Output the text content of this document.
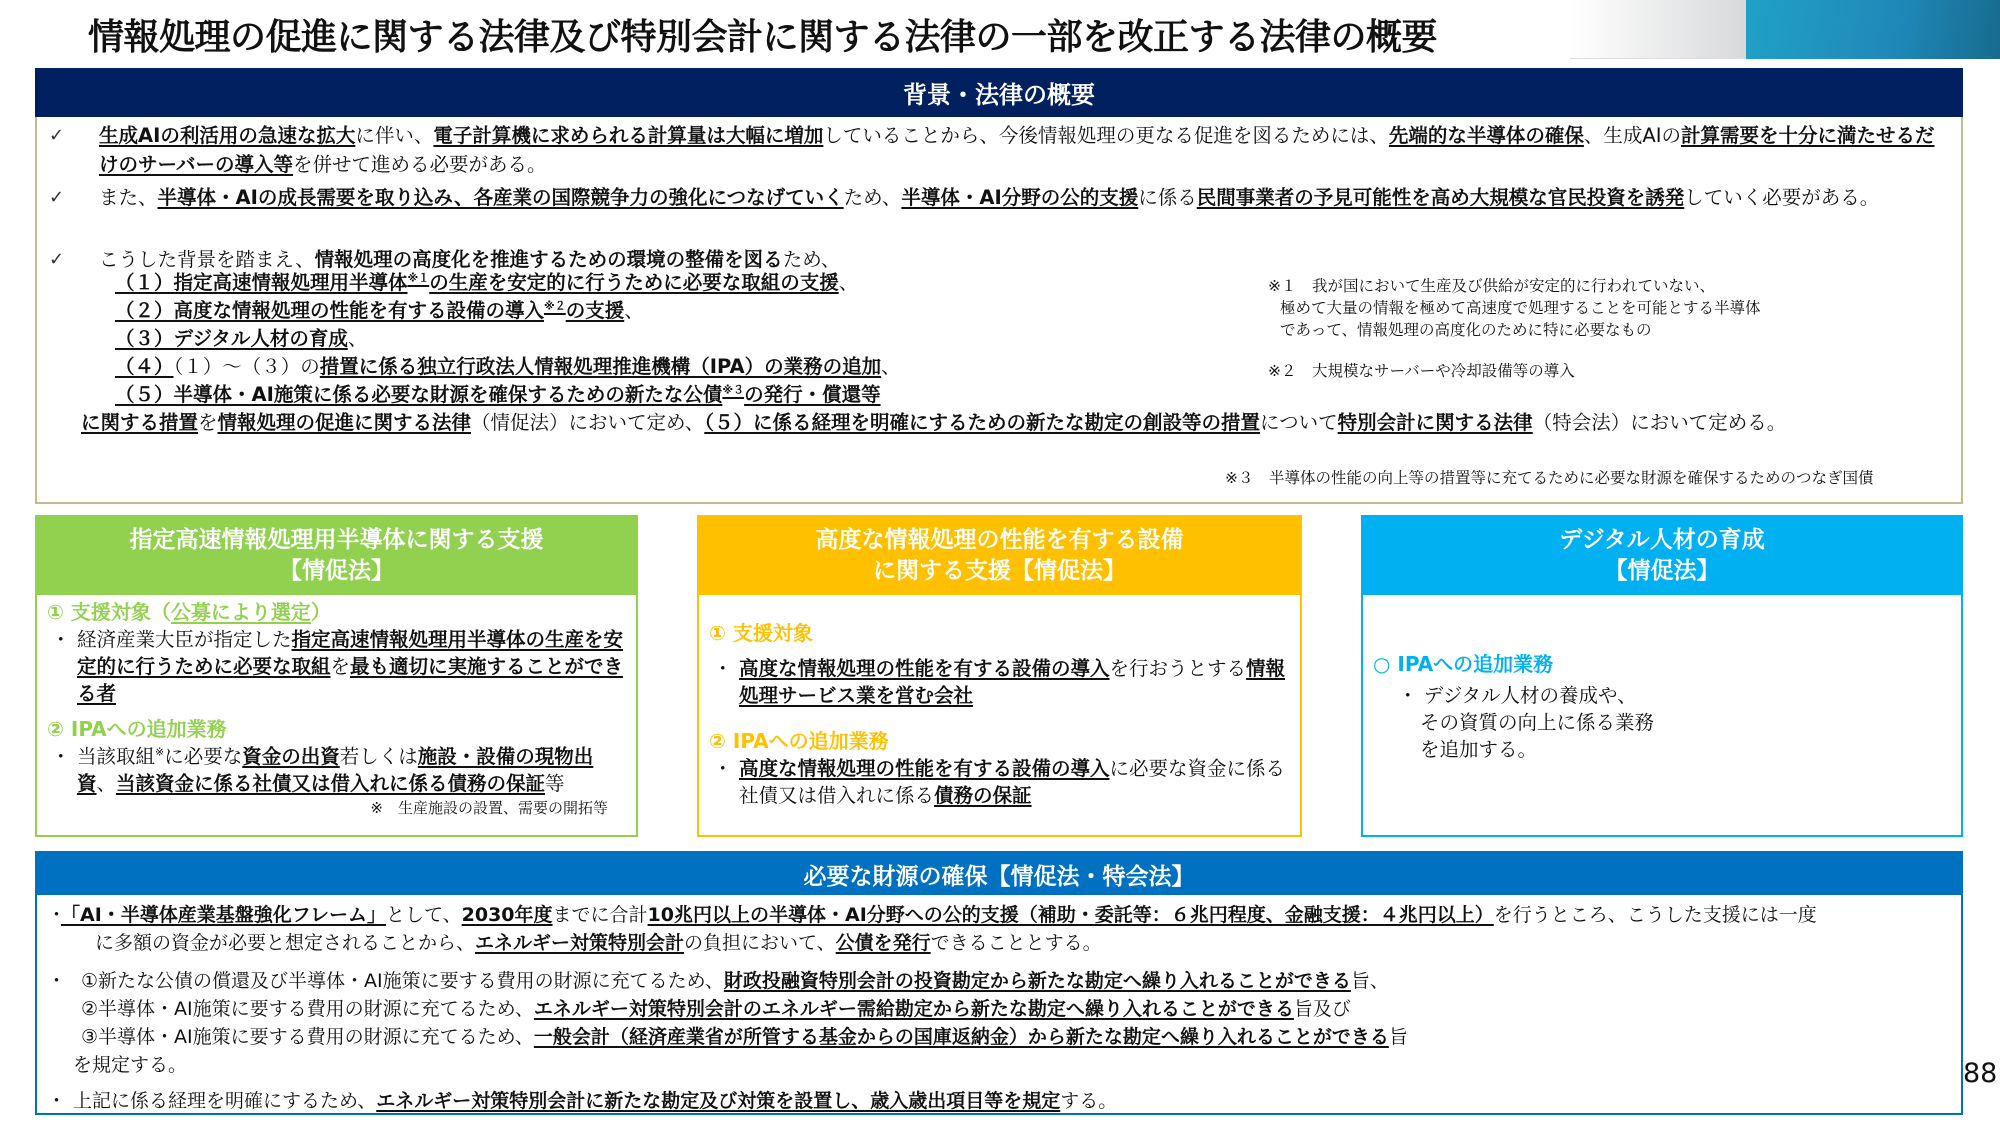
情報処理の促進に関する法律及び特別会計に関する法律の一部を改正する法律の概要
背景・法律の概要
✓ 生成AIの利活用の急速な拡大に伴い、電子計算機に求められる計算量は大幅に増加していることから、今後情報処理の更なる促進を図るためには、先端的な半導体の確保、生成AIの計算需要を十分に満たせるだけのサーバーの導入等を併せて進める必要がある。
✓ また、半導体・AIの成長需要を取り込み、各産業の国際競争力の強化につなげていくため、半導体・AI分野の公的支援に係る民間事業者の予見可能性を高め大規模な官民投資を誘発していく必要がある。
✓ こうした背景を踏まえ、情報処理の高度化を推進するための環境の整備を図るため、
（１）指定高速情報処理用半導体$^{※1}$の生産を安定的に行うために必要な取組の支援、
（２）高度な情報処理の性能を有する設備の導入$^{※2}$の支援、
（３）デジタル人材の育成、
（４）（１）～（３）の措置に係る独立行政法人情報処理推進機構（IPA）の業務の追加、
（５）半導体・AI施策に係る必要な財源を確保するための新たな公債$^{※3}$の発行・償還等
に関する措置を情報処理の促進に関する法律（情促法）において定め、（５）に係る経理を明確にするための新たな勘定の創設等の措置について特別会計に関する法律（特会法）において定める。
※１　我が国において生産及び供給が安定的に行われていない、
極めて大量の情報を極めて高速度で処理することを可能とする半導体
であって、情報処理の高度化のために特に必要なもの
※２　大規模なサーバーや冷却設備等の導入
※３　半導体の性能の向上等の措置等に充てるために必要な財源を確保するためのつなぎ国債
指定高速情報処理用半導体に関する支援
【情促法】
① 支援対象（公募により選定）
・ 経済産業大臣が指定した指定高速情報処理用半導体の生産を安定的に行うために必要な取組を最も適切に実施することができる者
② IPAへの追加業務
・ 当該取組※に必要な資金の出資若しくは施設・設備の現物出資、当該資金に係る社債又は借入れに係る債務の保証等
※　生産施設の設置、需要の開拓等
高度な情報処理の性能を有する設備
に関する支援【情促法】
① 支援対象
・ 高度な情報処理の性能を有する設備の導入を行おうとする情報処理サービス業を営む会社
② IPAへの追加業務
・ 高度な情報処理の性能を有する設備の導入に必要な資金に係る社債又は借入れに係る債務の保証
デジタル人材の育成
【情促法】
○ IPAへの追加業務
・ デジタル人材の養成や、
その資質の向上に係る業務
を追加する。
必要な財源の確保【情促法・特会法】
・
「AI・半導体産業基盤強化フレーム」として、2030年度までに合計10兆円以上の半導体・AI分野への公的支援（補助・委託等：６兆円程度、金融支援：４兆円以上）を行うところ、こうした支援には一度
に多額の資金が必要と想定されることから、エネルギー対策特別会計の負担において、公債を発行できることとする。
・ ①新たな公債の償還及び半導体・AI施策に要する費用の財源に充てるため、財政投融資特別会計の投資勘定から新たな勘定へ繰り入れることができる旨、
②半導体・AI施策に要する費用の財源に充てるため、エネルギー対策特別会計のエネルギー需給勘定から新たな勘定へ繰り入れることができる旨及び
③半導体・AI施策に要する費用の財源に充てるため、一般会計（経済産業省が所管する基金からの国庫返納金）から新たな勘定へ繰り入れることができる旨
を規定する。
・ 上記に係る経理を明確にするため、エネルギー対策特別会計に新たな勘定及び対策を設置し、歳入歳出項目等を規定する。
88
